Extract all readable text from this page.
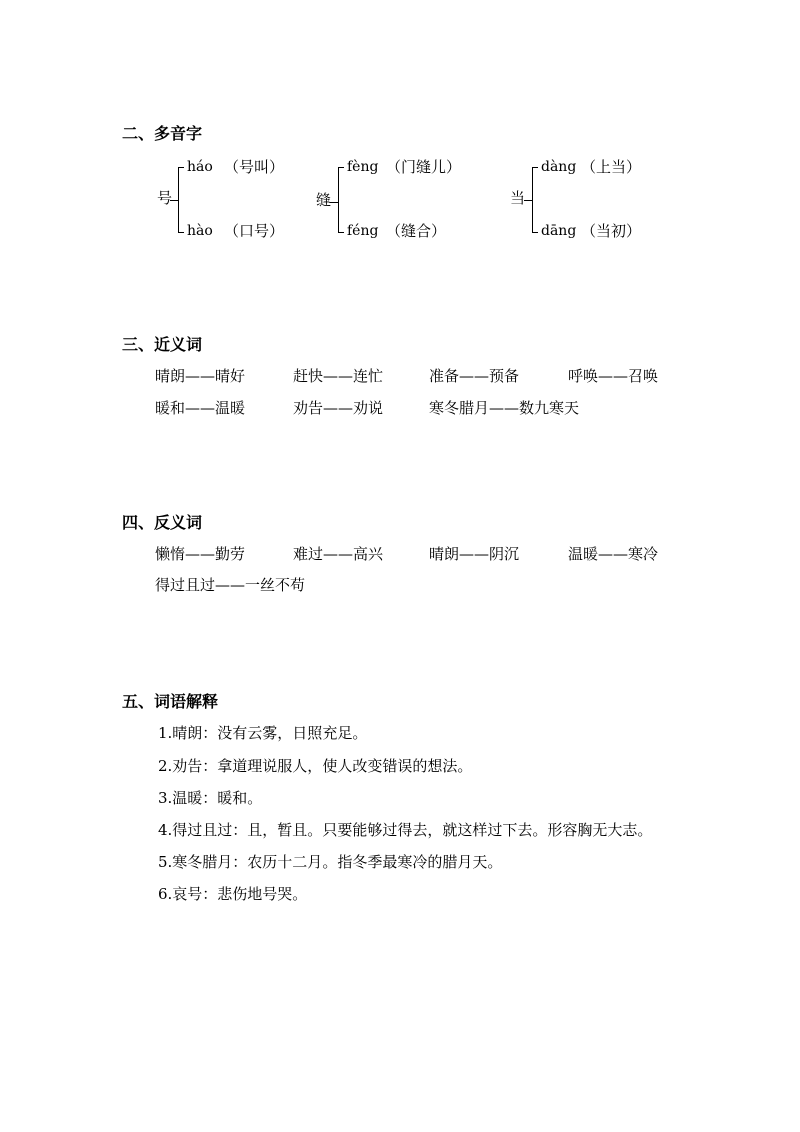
二、多音字
号
háo （号叫）
hào （口号）
缝
fèng （门缝儿）
féng （缝合）
当
dàng （上当）
dāng （当初）
三、近义词
晴朗——晴好	赶快——连忙	准备——预备	呼唤——召唤
暖和——温暖	劝告——劝说	寒冬腊月——数九寒天
四、反义词
懒惰——勤劳	难过——高兴	晴朗——阴沉	温暖——寒冷
得过且过——一丝不苟
五、词语解释
1.晴朗：没有云雾，日照充足。
2.劝告：拿道理说服人，使人改变错误的想法。
3.温暖：暖和。
4.得过且过：且，暂且。只要能够过得去，就这样过下去。形容胸无大志。
5.寒冬腊月：农历十二月。指冬季最寒冷的腊月天。
6.哀号：悲伤地号哭。
